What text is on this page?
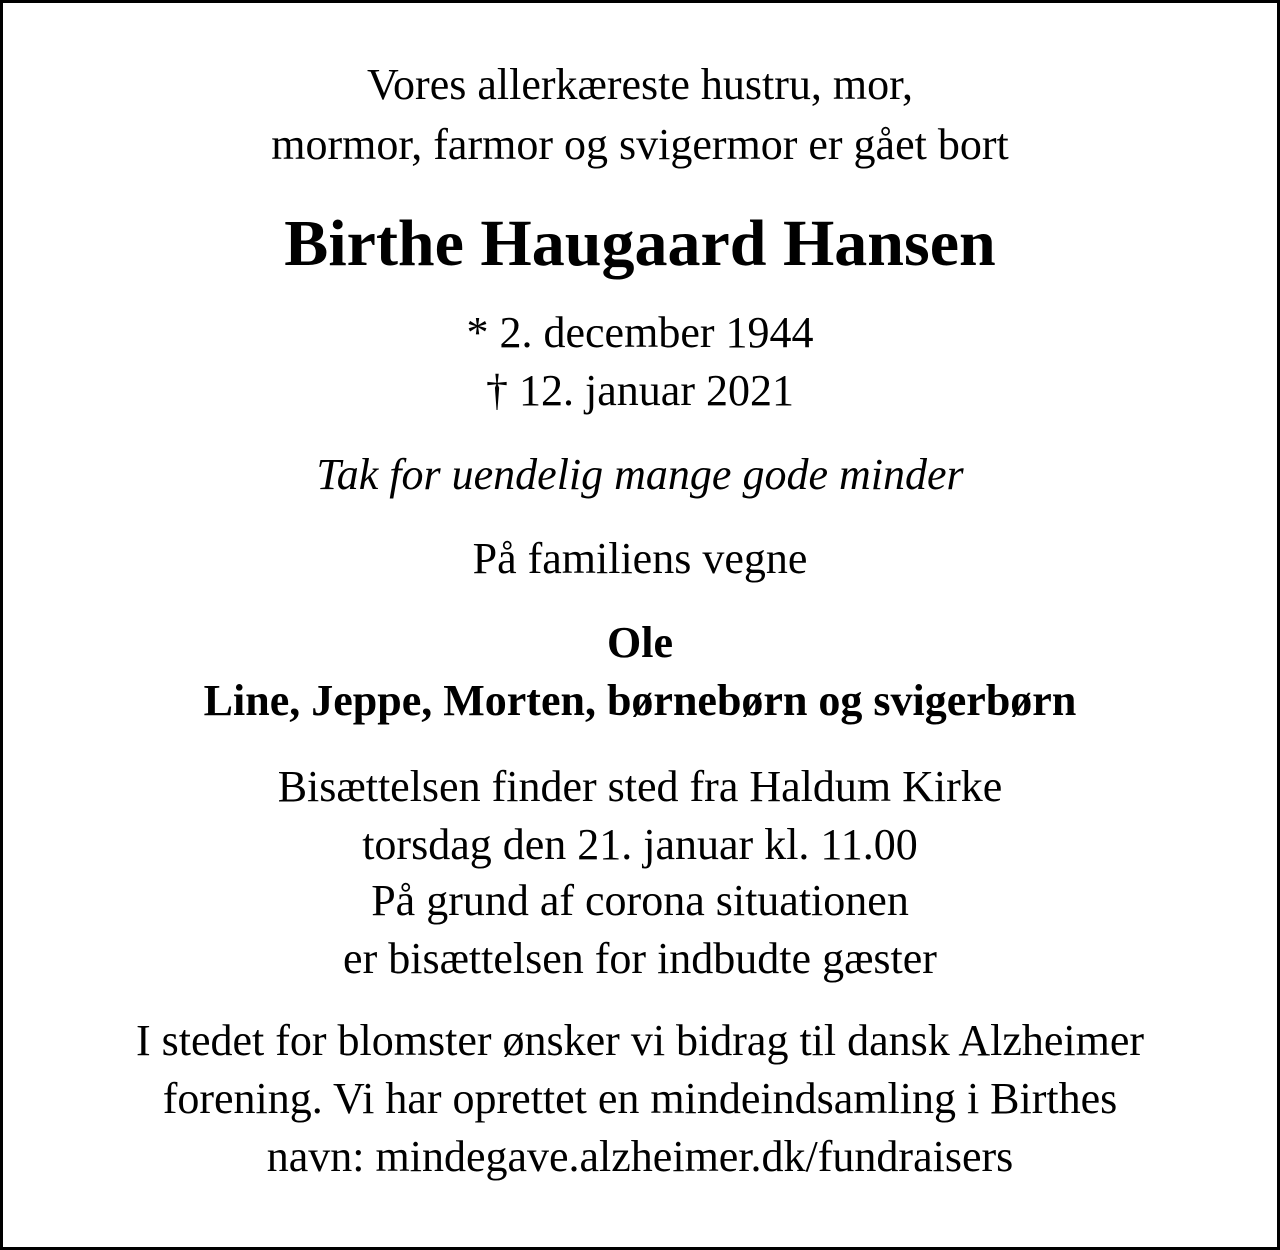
Vores allerkæreste hustru, mor,
mormor, farmor og svigermor er gået bort
Birthe Haugaard Hansen
* 2. december 1944
† 12. januar 2021
Tak for uendelig mange gode minder
På familiens vegne
Ole
Line, Jeppe, Morten, børnebørn og svigerbørn
Bisættelsen finder sted fra Haldum Kirke
torsdag den 21. januar kl. 11.00
På grund af corona situationen
er bisættelsen for indbudte gæster
I stedet for blomster ønsker vi bidrag til dansk Alzheimer
forening. Vi har oprettet en mindeindsamling i Birthes
navn: mindegave.alzheimer.dk/fundraisers
